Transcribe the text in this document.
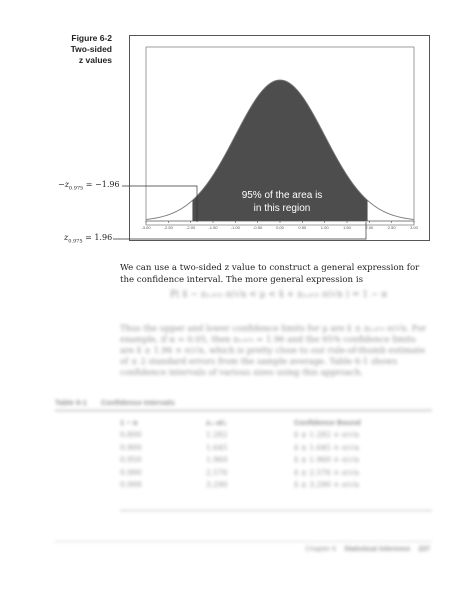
Figure 6-2
Two-sided
z values
-3.00	-2.50	-2.00	-1.50	-1.00	-0.50	0.00	0.50	1.00	1.50	2.00	2.50	3.00
95% of the area is
in this region
$-z_{0.975} = -1.96$
$z_{0.975} = 1.96$
We can use a two-sided z value to construct a general expression for the confidence interval. The more general expression is
P( x̄ − z₀.₉₇₅ σ/√n < μ < x̄ + z₀.₉₇₅ σ/√n ) = 1 − α
Thus the upper and lower confidence limits for μ are x̄ ± z₀.₉₇₅ σ/√n. For example, if α = 0.05, then z₀.₉₇₅ = 1.96 and the 95% confidence limits are x̄ ± 1.96 × σ/√n, which is pretty close to our rule-of-thumb estimate of ± 2 standard errors from the sample average. Table 6-1 shows confidence intervals of various sizes using this approach.
Table 6-1 Confidence Intervals
1 − α	z₁₋α/₂	Confidence Bound
0.800	1.282	x̄ ± 1.282 × σ/√n
0.900	1.645	x̄ ± 1.645 × σ/√n
0.950	1.960	x̄ ± 1.960 × σ/√n
0.990	2.576	x̄ ± 2.576 × σ/√n
0.999	3.290	x̄ ± 3.290 × σ/√n
Chapter 6 Statistical Inference 227
